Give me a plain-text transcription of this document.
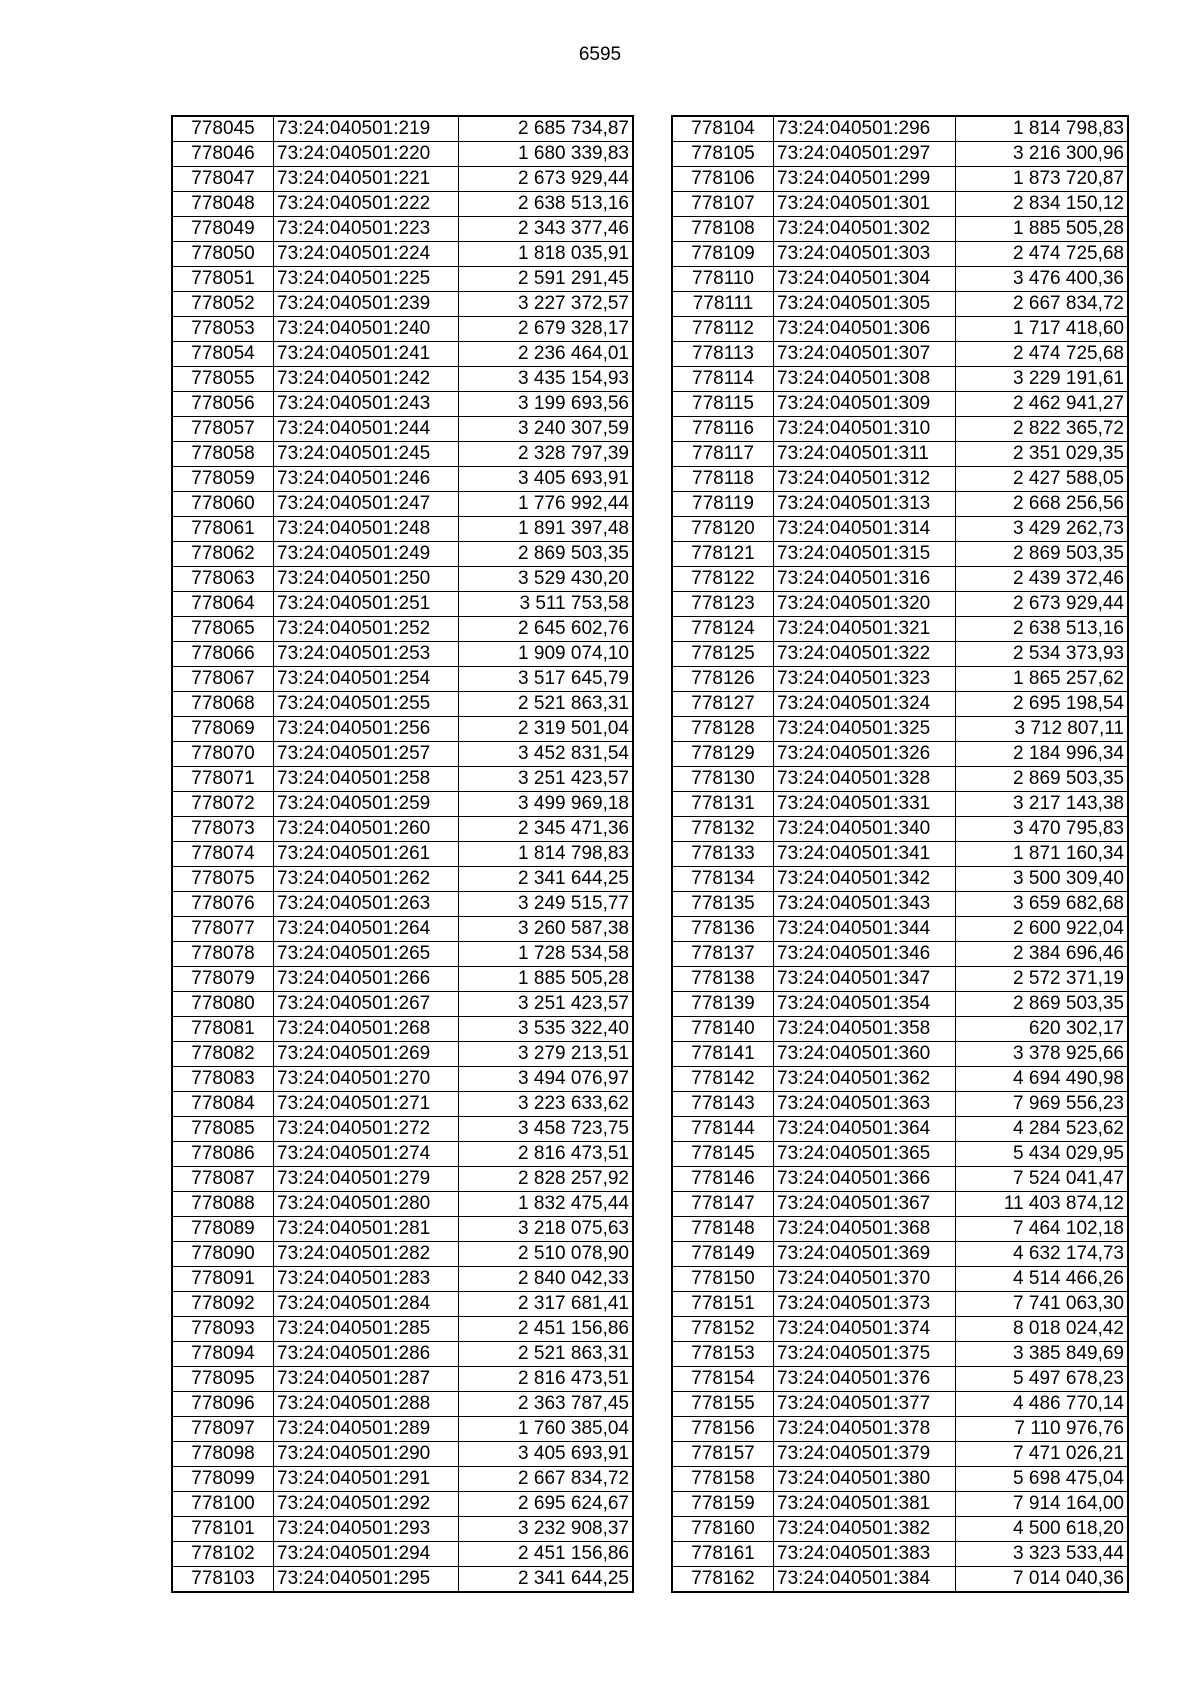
6595
778045	73:24:040501:219	2 685 734,87
778046	73:24:040501:220	1 680 339,83
778047	73:24:040501:221	2 673 929,44
778048	73:24:040501:222	2 638 513,16
778049	73:24:040501:223	2 343 377,46
778050	73:24:040501:224	1 818 035,91
778051	73:24:040501:225	2 591 291,45
778052	73:24:040501:239	3 227 372,57
778053	73:24:040501:240	2 679 328,17
778054	73:24:040501:241	2 236 464,01
778055	73:24:040501:242	3 435 154,93
778056	73:24:040501:243	3 199 693,56
778057	73:24:040501:244	3 240 307,59
778058	73:24:040501:245	2 328 797,39
778059	73:24:040501:246	3 405 693,91
778060	73:24:040501:247	1 776 992,44
778061	73:24:040501:248	1 891 397,48
778062	73:24:040501:249	2 869 503,35
778063	73:24:040501:250	3 529 430,20
778064	73:24:040501:251	3 511 753,58
778065	73:24:040501:252	2 645 602,76
778066	73:24:040501:253	1 909 074,10
778067	73:24:040501:254	3 517 645,79
778068	73:24:040501:255	2 521 863,31
778069	73:24:040501:256	2 319 501,04
778070	73:24:040501:257	3 452 831,54
778071	73:24:040501:258	3 251 423,57
778072	73:24:040501:259	3 499 969,18
778073	73:24:040501:260	2 345 471,36
778074	73:24:040501:261	1 814 798,83
778075	73:24:040501:262	2 341 644,25
778076	73:24:040501:263	3 249 515,77
778077	73:24:040501:264	3 260 587,38
778078	73:24:040501:265	1 728 534,58
778079	73:24:040501:266	1 885 505,28
778080	73:24:040501:267	3 251 423,57
778081	73:24:040501:268	3 535 322,40
778082	73:24:040501:269	3 279 213,51
778083	73:24:040501:270	3 494 076,97
778084	73:24:040501:271	3 223 633,62
778085	73:24:040501:272	3 458 723,75
778086	73:24:040501:274	2 816 473,51
778087	73:24:040501:279	2 828 257,92
778088	73:24:040501:280	1 832 475,44
778089	73:24:040501:281	3 218 075,63
778090	73:24:040501:282	2 510 078,90
778091	73:24:040501:283	2 840 042,33
778092	73:24:040501:284	2 317 681,41
778093	73:24:040501:285	2 451 156,86
778094	73:24:040501:286	2 521 863,31
778095	73:24:040501:287	2 816 473,51
778096	73:24:040501:288	2 363 787,45
778097	73:24:040501:289	1 760 385,04
778098	73:24:040501:290	3 405 693,91
778099	73:24:040501:291	2 667 834,72
778100	73:24:040501:292	2 695 624,67
778101	73:24:040501:293	3 232 908,37
778102	73:24:040501:294	2 451 156,86
778103	73:24:040501:295	2 341 644,25
778104	73:24:040501:296	1 814 798,83
778105	73:24:040501:297	3 216 300,96
778106	73:24:040501:299	1 873 720,87
778107	73:24:040501:301	2 834 150,12
778108	73:24:040501:302	1 885 505,28
778109	73:24:040501:303	2 474 725,68
778110	73:24:040501:304	3 476 400,36
778111	73:24:040501:305	2 667 834,72
778112	73:24:040501:306	1 717 418,60
778113	73:24:040501:307	2 474 725,68
778114	73:24:040501:308	3 229 191,61
778115	73:24:040501:309	2 462 941,27
778116	73:24:040501:310	2 822 365,72
778117	73:24:040501:311	2 351 029,35
778118	73:24:040501:312	2 427 588,05
778119	73:24:040501:313	2 668 256,56
778120	73:24:040501:314	3 429 262,73
778121	73:24:040501:315	2 869 503,35
778122	73:24:040501:316	2 439 372,46
778123	73:24:040501:320	2 673 929,44
778124	73:24:040501:321	2 638 513,16
778125	73:24:040501:322	2 534 373,93
778126	73:24:040501:323	1 865 257,62
778127	73:24:040501:324	2 695 198,54
778128	73:24:040501:325	3 712 807,11
778129	73:24:040501:326	2 184 996,34
778130	73:24:040501:328	2 869 503,35
778131	73:24:040501:331	3 217 143,38
778132	73:24:040501:340	3 470 795,83
778133	73:24:040501:341	1 871 160,34
778134	73:24:040501:342	3 500 309,40
778135	73:24:040501:343	3 659 682,68
778136	73:24:040501:344	2 600 922,04
778137	73:24:040501:346	2 384 696,46
778138	73:24:040501:347	2 572 371,19
778139	73:24:040501:354	2 869 503,35
778140	73:24:040501:358	620 302,17
778141	73:24:040501:360	3 378 925,66
778142	73:24:040501:362	4 694 490,98
778143	73:24:040501:363	7 969 556,23
778144	73:24:040501:364	4 284 523,62
778145	73:24:040501:365	5 434 029,95
778146	73:24:040501:366	7 524 041,47
778147	73:24:040501:367	11 403 874,12
778148	73:24:040501:368	7 464 102,18
778149	73:24:040501:369	4 632 174,73
778150	73:24:040501:370	4 514 466,26
778151	73:24:040501:373	7 741 063,30
778152	73:24:040501:374	8 018 024,42
778153	73:24:040501:375	3 385 849,69
778154	73:24:040501:376	5 497 678,23
778155	73:24:040501:377	4 486 770,14
778156	73:24:040501:378	7 110 976,76
778157	73:24:040501:379	7 471 026,21
778158	73:24:040501:380	5 698 475,04
778159	73:24:040501:381	7 914 164,00
778160	73:24:040501:382	4 500 618,20
778161	73:24:040501:383	3 323 533,44
778162	73:24:040501:384	7 014 040,36
